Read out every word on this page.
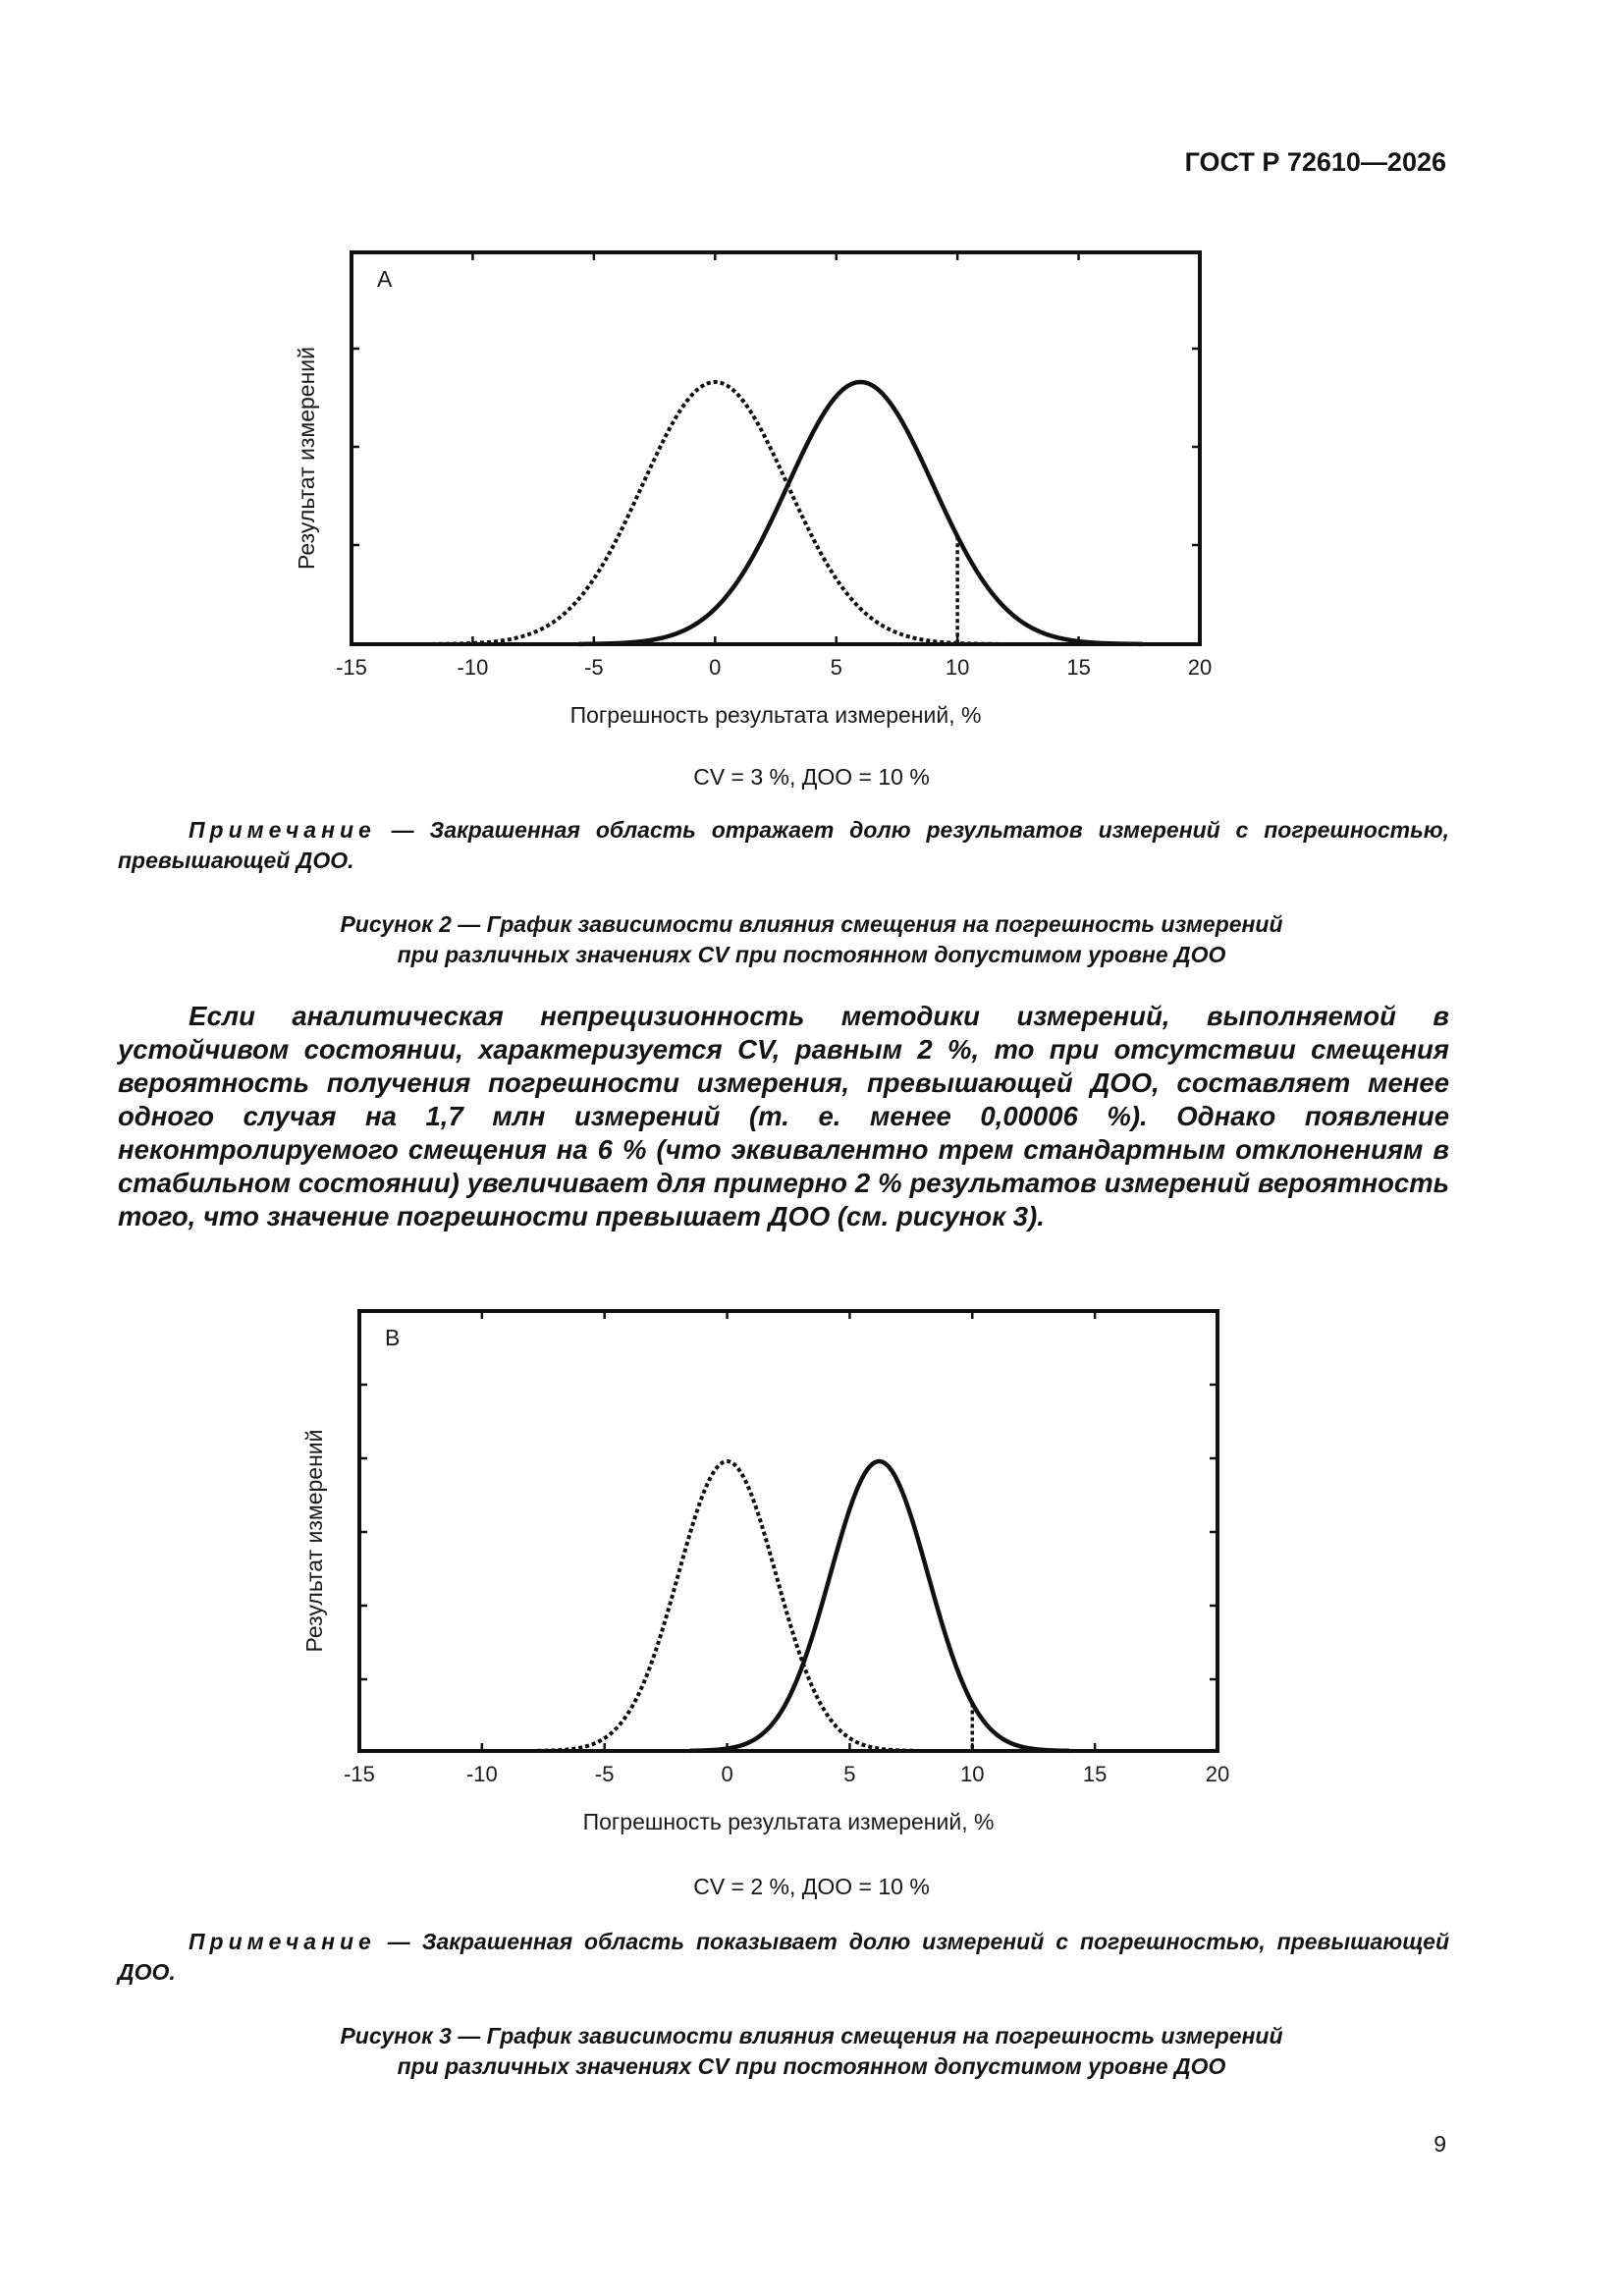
ГОСТ Р 72610—2026
-15	-10	-5	0	5	10	15	20
A
Погрешность результата измерений, %
Результат измерений
CV = 3 %, ДОО = 10 %
Примечание — Закрашенная область отражает долю результатов измерений с погрешностью, превышающей ДОО.
Рисунок 2 — График зависимости влияния смещения на погрешность измерений
при различных значениях CV при постоянном допустимом уровне ДОО
Если аналитическая непрецизионность методики измерений, выполняемой в устойчивом состоянии, характеризуется CV, равным 2 %, то при отсутствии смещения вероятность получения погрешности измерения, превышающей ДОО, составляет менее одного случая на 1,7 млн измерений (т. е. менее 0,00006 %). Однако появление неконтролируемого смещения на 6 % (что эквивалентно трем стандартным отклонениям в стабильном состоянии) увеличивает для примерно 2 % результатов измерений вероятность того, что значение погрешности превышает ДОО (см. рисунок 3).
-15	-10	-5	0	5	10	15	20
B
Погрешность результата измерений, %
Результат измерений
CV = 2 %, ДОО = 10 %
Примечание — Закрашенная область показывает долю измерений с погрешностью, превышающей ДОО.
Рисунок 3 — График зависимости влияния смещения на погрешность измерений
при различных значениях CV при постоянном допустимом уровне ДОО
9
